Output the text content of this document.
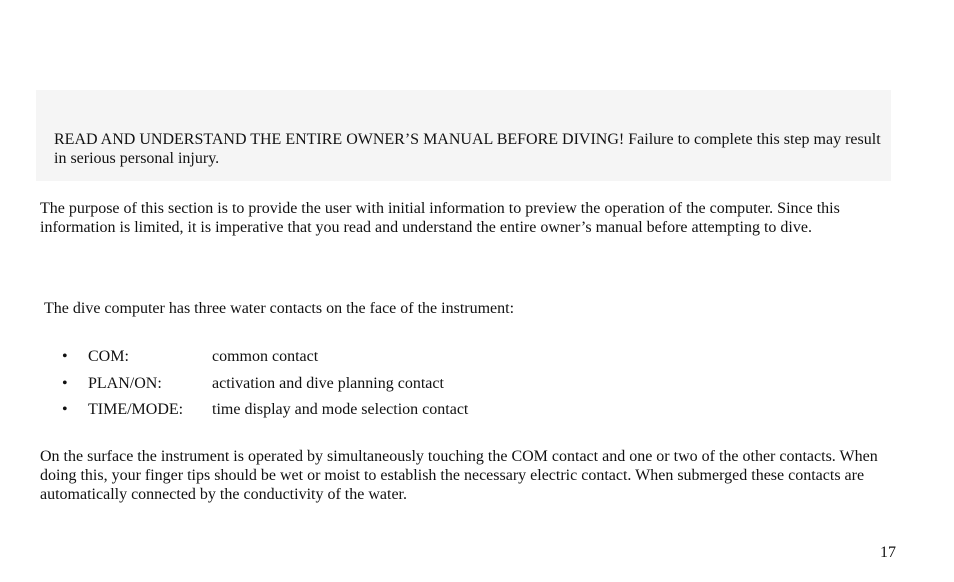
READ AND UNDERSTAND THE ENTIRE OWNER’S MANUAL BEFORE DIVING! Failure to complete this step may result in serious personal injury.

The purpose of this section is to provide the user with initial information to preview the operation of the computer. Since this information is limited, it is imperative that you read and understand the entire owner’s manual before attempting to dive.

The dive computer has three water contacts on the face of the instrument:

•	COM:	common contact
•	PLAN/ON:	activation and dive planning contact
•	TIME/MODE:	time display and mode selection contact

On the surface the instrument is operated by simultaneously touching the COM contact and one or two of the other contacts. When doing this, your finger tips should be wet or moist to establish the necessary electric contact. When submerged these contacts are automatically connected by the conductivity of the water.

17
